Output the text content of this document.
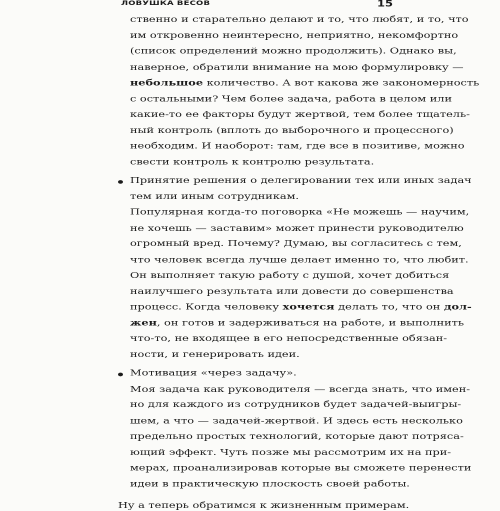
ЛОВУШКА ВЕСОВ	15
ственно и старательно делают и то, что любят, и то, что
им откровенно неинтересно, неприятно, некомфортно
(список определений можно продолжить). Однако вы,
наверное, обратили внимание на мою формулировку —
небольшое количество. А вот какова же закономерность
с остальными? Чем более задача, работа в целом или
какие-то ее факторы будут жертвой, тем более тщатель-
ный контроль (вплоть до выборочного и процессного)
необходим. И наоборот: там, где все в позитиве, можно
свести контроль к контролю результата.
Принятие решения о делегировании тех или иных задач
тем или иным сотрудникам.
Популярная когда-то поговорка «Не можешь — научим,
не хочешь — заставим» может принести руководителю
огромный вред. Почему? Думаю, вы согласитесь с тем,
что человек всегда лучше делает именно то, что любит.
Он выполняет такую работу с душой, хочет добиться
наилучшего результата или довести до совершенства
процесс. Когда человеку хочется делать то, что он дол-
жен, он готов и задерживаться на работе, и выполнить
что-то, не входящее в его непосредственные обязан-
ности, и генерировать идеи.
Мотивация «через задачу».
Моя задача как руководителя — всегда знать, что имен-
но для каждого из сотрудников будет задачей-выигры-
шем, а что — задачей-жертвой. И здесь есть несколько
предельно простых технологий, которые дают потряса-
ющий эффект. Чуть позже мы рассмотрим их на при-
мерах, проанализировав которые вы сможете перенести
идеи в практическую плоскость своей работы.
Ну а теперь обратимся к жизненным примерам.
